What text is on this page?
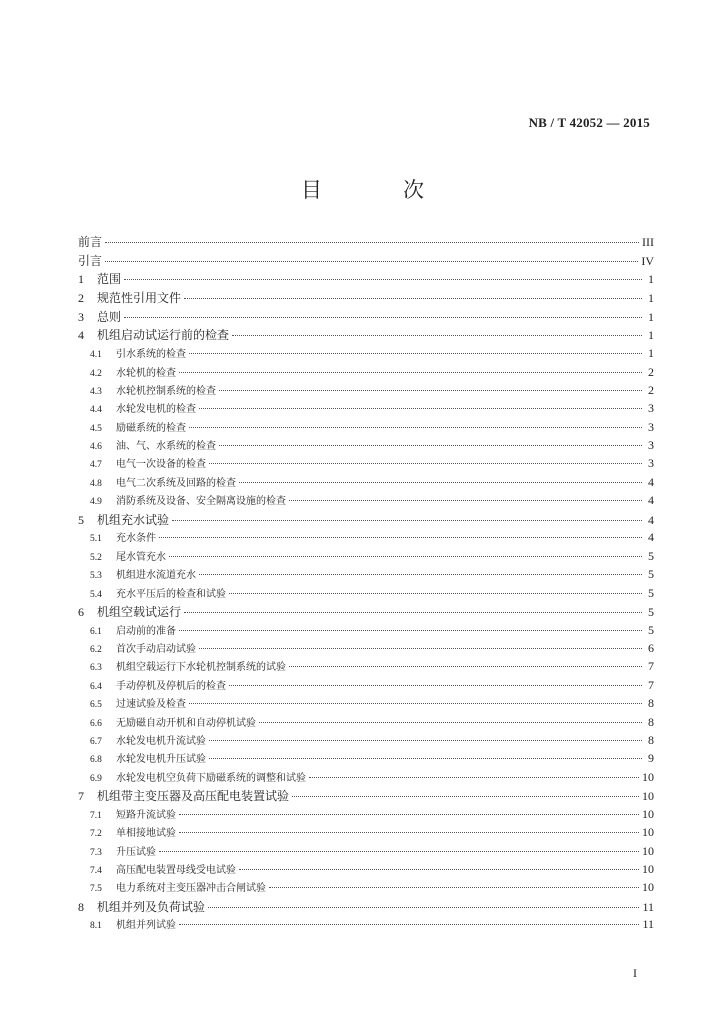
NB / T 42052 — 2015
目　次
前言	III
引言	IV
1	范围	1
2	规范性引用文件	1
3	总则	1
4	机组启动试运行前的检查	1
4.1	引水系统的检查	1
4.2	水轮机的检查	2
4.3	水轮机控制系统的检查	2
4.4	水轮发电机的检查	3
4.5	励磁系统的检查	3
4.6	油、气、水系统的检查	3
4.7	电气一次设备的检查	3
4.8	电气二次系统及回路的检查	4
4.9	消防系统及设备、安全隔离设施的检查	4
5	机组充水试验	4
5.1	充水条件	4
5.2	尾水管充水	5
5.3	机组进水流道充水	5
5.4	充水平压后的检查和试验	5
6	机组空载试运行	5
6.1	启动前的准备	5
6.2	首次手动启动试验	6
6.3	机组空载运行下水轮机控制系统的试验	7
6.4	手动停机及停机后的检查	7
6.5	过速试验及检查	8
6.6	无励磁自动开机和自动停机试验	8
6.7	水轮发电机升流试验	8
6.8	水轮发电机升压试验	9
6.9	水轮发电机空负荷下励磁系统的调整和试验	10
7	机组带主变压器及高压配电装置试验	10
7.1	短路升流试验	10
7.2	单相接地试验	10
7.3	升压试验	10
7.4	高压配电装置母线受电试验	10
7.5	电力系统对主变压器冲击合闸试验	10
8	机组并列及负荷试验	11
8.1	机组并列试验	11
I
